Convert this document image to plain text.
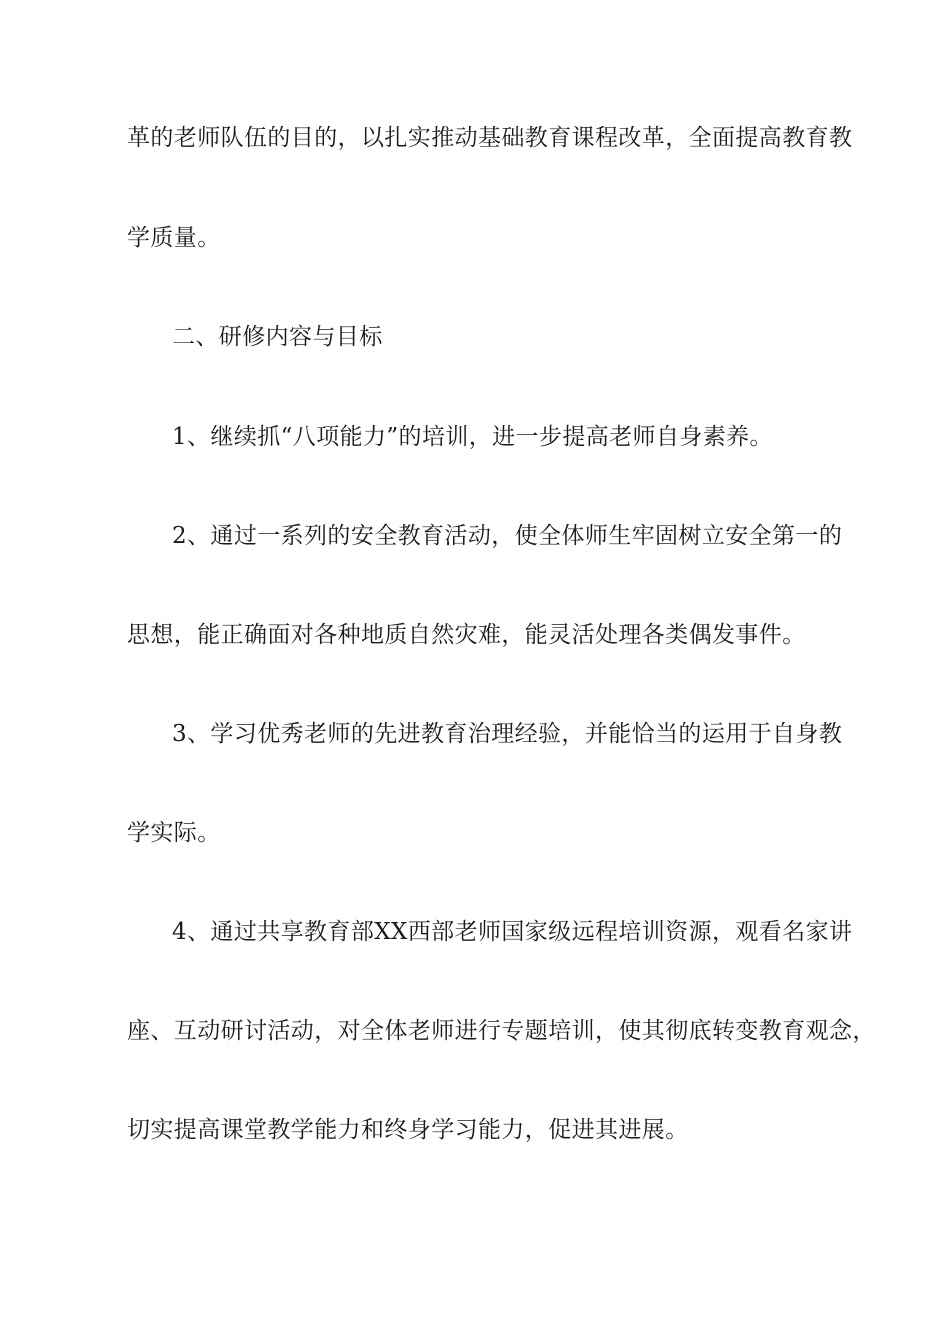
革的老师队伍的目的，以扎实推动基础教育课程改革，全面提高教育教
学质量。
二、研修内容与目标
1、继续抓“八项能力”的培训，进一步提高老师自身素养。
2、通过一系列的安全教育活动，使全体师生牢固树立安全第一的
思想，能正确面对各种地质自然灾难，能灵活处理各类偶发事件。
3、学习优秀老师的先进教育治理经验，并能恰当的运用于自身教
学实际。
4、通过共享教育部XX西部老师国家级远程培训资源，观看名家讲
座、互动研讨活动，对全体老师进行专题培训，使其彻底转变教育观念，
切实提高课堂教学能力和终身学习能力，促进其进展。
